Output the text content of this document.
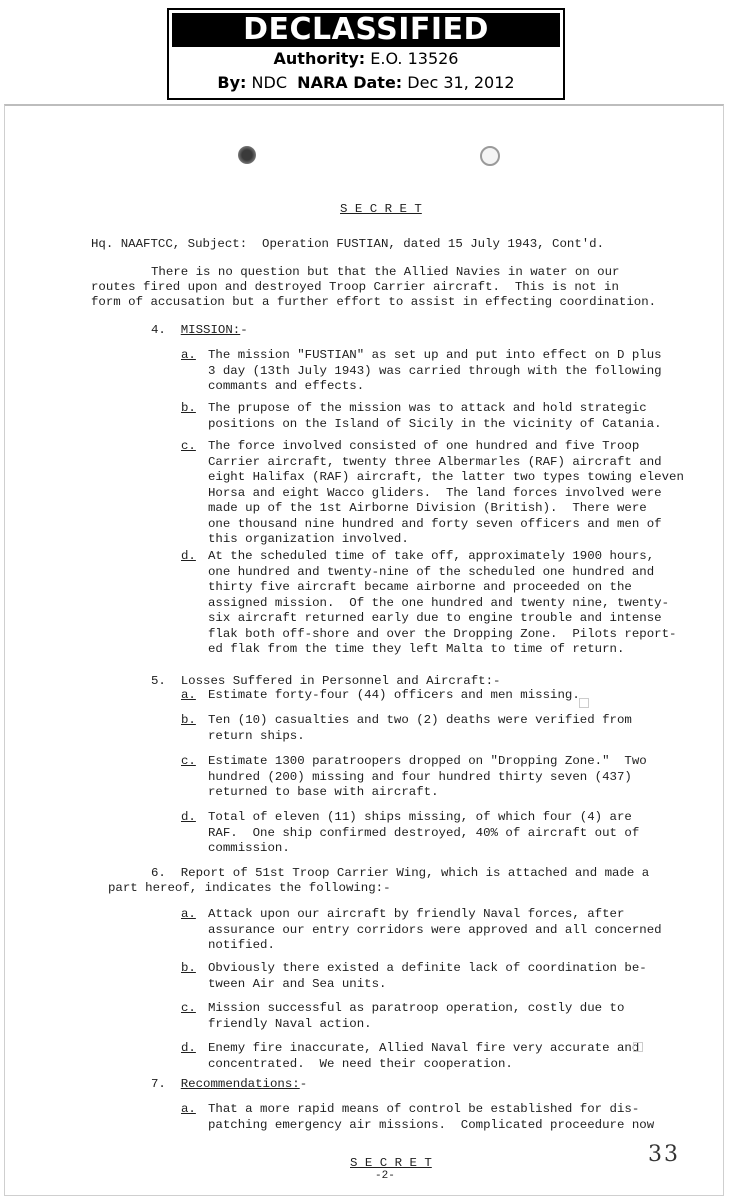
DECLASSIFIED
Authority: E.O. 13526
By: NDC NARA Date: Dec 31, 2012
S E C R E T
Hq. NAAFTCC, Subject:  Operation FUSTIAN, dated 15 July 1943, Cont'd.
There is no question but that the Allied Navies in water on our
routes fired upon and destroyed Troop Carrier aircraft.  This is not in
form of accusation but a further effort to assist in effecting coordination.
4. MISSION:-
a. The mission "FUSTIAN" as set up and put into effect on D plus
3 day (13th July 1943) was carried through with the following
commants and effects.
b. The prupose of the mission was to attack and hold strategic
positions on the Island of Sicily in the vicinity of Catania.
c. The force involved consisted of one hundred and five Troop
Carrier aircraft, twenty three Albermarles (RAF) aircraft and
eight Halifax (RAF) aircraft, the latter two types towing eleven
Horsa and eight Wacco gliders.  The land forces involved were
made up of the 1st Airborne Division (British).  There were
one thousand nine hundred and forty seven officers and men of
this organization involved.
d. At the scheduled time of take off, approximately 1900 hours,
one hundred and twenty-nine of the scheduled one hundred and
thirty five aircraft became airborne and proceeded on the
assigned mission.  Of the one hundred and twenty nine, twenty-
six aircraft returned early due to engine trouble and intense
flak both off-shore and over the Dropping Zone.  Pilots report-
ed flak from the time they left Malta to time of return.
5.  Losses Suffered in Personnel and Aircraft:-
a. Estimate forty-four (44) officers and men missing.
b. Ten (10) casualties and two (2) deaths were verified from
return ships.
c. Estimate 1300 paratroopers dropped on "Dropping Zone."  Two
hundred (200) missing and four hundred thirty seven (437)
returned to base with aircraft.
d. Total of eleven (11) ships missing, of which four (4) are
RAF.  One ship confirmed destroyed, 40% of aircraft out of
commission.
6.  Report of 51st Troop Carrier Wing, which is attached and made a
part hereof, indicates the following:-
a. Attack upon our aircraft by friendly Naval forces, after
assurance our entry corridors were approved and all concerned
notified.
b. Obviously there existed a definite lack of coordination be-
tween Air and Sea units.
c. Mission successful as paratroop operation, costly due to
friendly Naval action.
d. Enemy fire inaccurate, Allied Naval fire very accurate and
concentrated.  We need their cooperation.
7. Recommendations:-
a. That a more rapid means of control be established for dis-
patching emergency air missions.  Complicated proceedure now
S E C R E T
-2-
33
